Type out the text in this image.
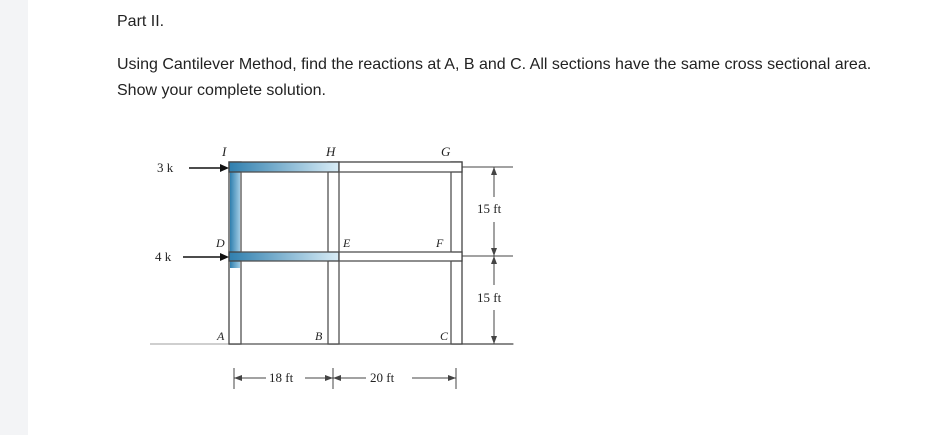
Part II.

Using Cantilever Method, find the reactions at A, B and C. All sections have the same cross sectional area. Show your complete solution.

I	H	G
D	E	F
A	B	C
3 k
4 k
15 ft
15 ft
18 ft	20 ft
